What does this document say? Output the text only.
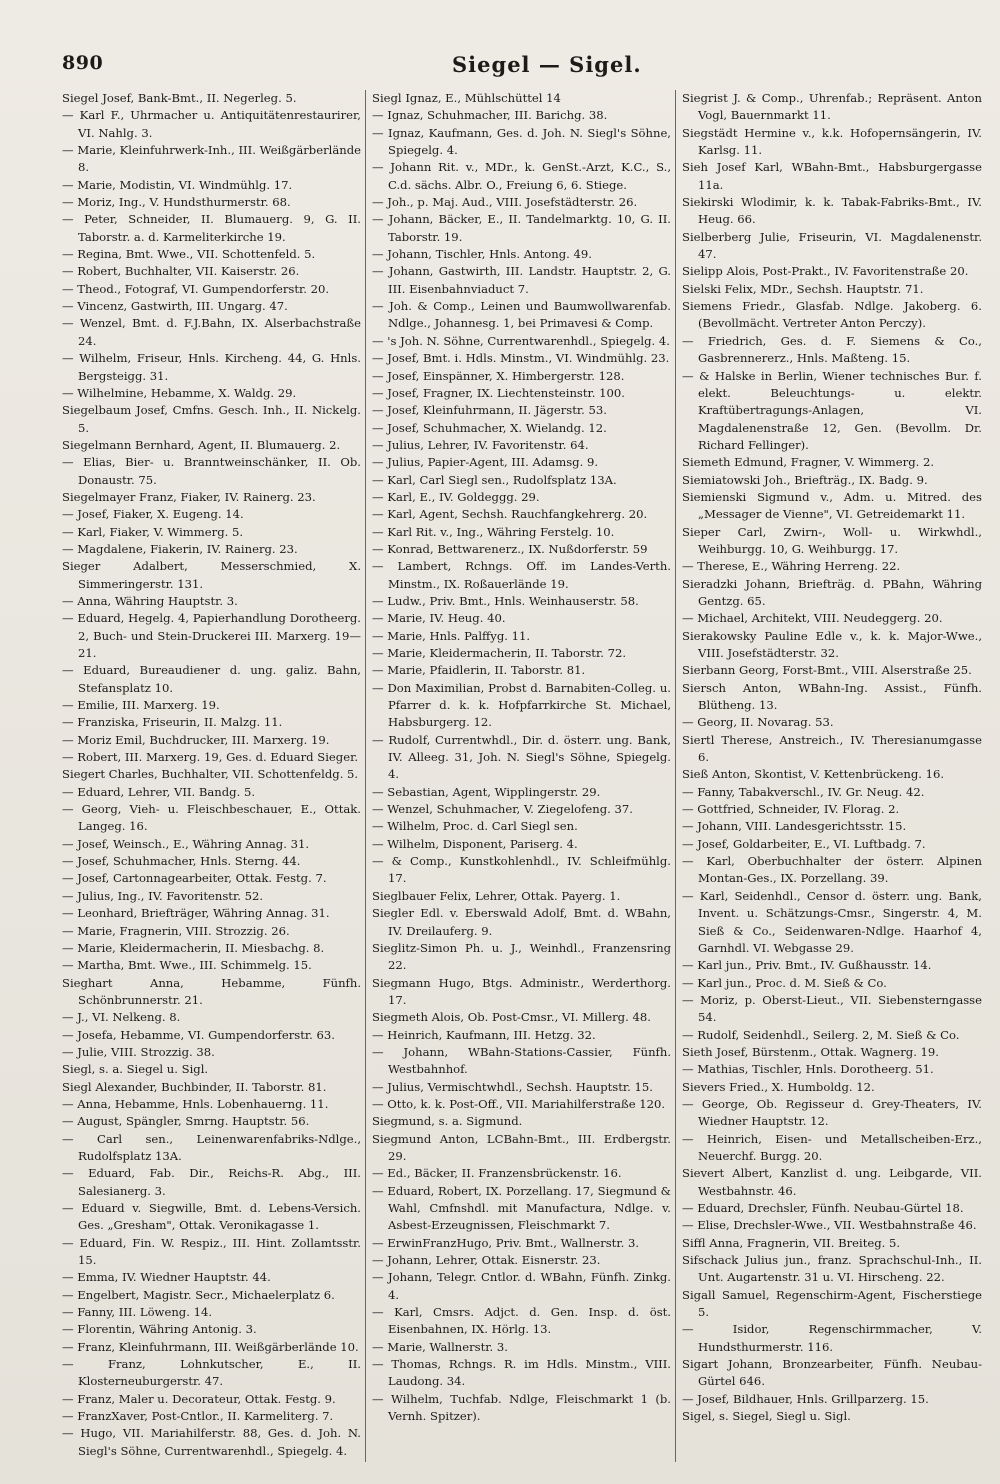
890	Siegel — Sigel.

Siegel Josef, Bank-Bmt., II. Negerleg. 5.

— Karl F., Uhrmacher u. Antiquitätenrestaurirer, VI. Nahlg. 3.

— Marie, Kleinfuhrwerk-Inh., III. Weißgärberlände 8.

— Marie, Modistin, VI. Windmühlg. 17.

— Moriz, Ing., V. Hundsthurmerstr. 68.

— Peter, Schneider, II. Blumauerg. 9, G. II. Taborstr. a. d. Karmeliterkirche 19.

— Regina, Bmt. Wwe., VII. Schottenfeld. 5.

— Robert, Buchhalter, VII. Kaiserstr. 26.

— Theod., Fotograf, VI. Gumpendorferstr. 20.

— Vincenz, Gastwirth, III. Ungarg. 47.

— Wenzel, Bmt. d. F.J.Bahn, IX. Alserbachstraße 24.

— Wilhelm, Friseur, Hnls. Kircheng. 44, G. Hnls. Bergsteigg. 31.

— Wilhelmine, Hebamme, X. Waldg. 29.

Siegelbaum Josef, Cmfns. Gesch. Inh., II. Nickelg. 5.

Siegelmann Bernhard, Agent, II. Blumauerg. 2.

— Elias, Bier- u. Branntweinschänker, II. Ob. Donaustr. 75.

Siegelmayer Franz, Fiaker, IV. Rainerg. 23.

— Josef, Fiaker, X. Eugeng. 14.

— Karl, Fiaker, V. Wimmerg. 5.

— Magdalene, Fiakerin, IV. Rainerg. 23.

Sieger Adalbert, Messerschmied, X. Simmeringerstr. 131.

— Anna, Währing Hauptstr. 3.

— Eduard, Hegelg. 4, Papierhandlung Dorotheerg. 2, Buch- und Stein-Druckerei III. Marxerg. 19—21.

— Eduard, Bureaudiener d. ung. galiz. Bahn, Stefansplatz 10.

— Emilie, III. Marxerg. 19.

— Franziska, Friseurin, II. Malzg. 11.

— Moriz Emil, Buchdrucker, III. Marxerg. 19.

— Robert, III. Marxerg. 19, Ges. d. Eduard Sieger.

Siegert Charles, Buchhalter, VII. Schottenfeldg. 5.

— Eduard, Lehrer, VII. Bandg. 5.

— Georg, Vieh- u. Fleischbeschauer, E., Ottak. Langeg. 16.

— Josef, Weinsch., E., Währing Annag. 31.

— Josef, Schuhmacher, Hnls. Sterng. 44.

— Josef, Cartonnagearbeiter, Ottak. Festg. 7.

— Julius, Ing., IV. Favoritenstr. 52.

— Leonhard, Briefträger, Währing Annag. 31.

— Marie, Fragnerin, VIII. Strozzig. 26.

— Marie, Kleidermacherin, II. Miesbachg. 8.

— Martha, Bmt. Wwe., III. Schimmelg. 15.

Sieghart Anna, Hebamme, Fünfh. Schönbrunnerstr. 21.

— J., VI. Nelkeng. 8.

— Josefa, Hebamme, VI. Gumpendorferstr. 63.

— Julie, VIII. Strozzig. 38.

Siegl, s. a. Siegel u. Sigl.

Siegl Alexander, Buchbinder, II. Taborstr. 81.

— Anna, Hebamme, Hnls. Lobenhauerng. 11.

— August, Spängler, Smrng. Hauptstr. 56.

— Carl sen., Leinenwarenfabriks-Ndlge., Rudolfsplatz 13A.

— Eduard, Fab. Dir., Reichs-R. Abg., III. Salesianerg. 3.

— Eduard v. Siegwille, Bmt. d. Lebens-Versich. Ges. „Gresham", Ottak. Veronikagasse 1.

— Eduard, Fin. W. Respiz., III. Hint. Zollamtsstr. 15.

— Emma, IV. Wiedner Hauptstr. 44.

— Engelbert, Magistr. Secr., Michaelerplatz 6.

— Fanny, III. Löweng. 14.

— Florentin, Währing Antonig. 3.

— Franz, Kleinfuhrmann, III. Weißgärberlände 10.

— Franz, Lohnkutscher, E., II. Klosterneuburgerstr. 47.

— Franz, Maler u. Decorateur, Ottak. Festg. 9.

— FranzXaver, Post-Cntlor., II. Karmeliterg. 7.

— Hugo, VII. Mariahilferstr. 88, Ges. d. Joh. N. Siegl's Söhne, Currentwarenhdl., Spiegelg. 4.

Siegl Ignaz, E., Mühlschüttel 14

— Ignaz, Schuhmacher, III. Barichg. 38.

— Ignaz, Kaufmann, Ges. d. Joh. N. Siegl's Söhne, Spiegelg. 4.

— Johann Rit. v., MDr., k. GenSt.-Arzt, K.C., S., C.d. sächs. Albr. O., Freiung 6, 6. Stiege.

— Joh., p. Maj. Aud., VIII. Josefstädterstr. 26.

— Johann, Bäcker, E., II. Tandelmarktg. 10, G. II. Taborstr. 19.

— Johann, Tischler, Hnls. Antong. 49.

— Johann, Gastwirth, III. Landstr. Hauptstr. 2, G. III. Eisenbahnviaduct 7.

— Joh. & Comp., Leinen und Baumwollwarenfab. Ndlge., Johannesg. 1, bei Primavesi & Comp.

— 's Joh. N. Söhne, Currentwarenhdl., Spiegelg. 4.

— Josef, Bmt. i. Hdls. Minstm., VI. Windmühlg. 23.

— Josef, Einspänner, X. Himbergerstr. 128.

— Josef, Fragner, IX. Liechtensteinstr. 100.

— Josef, Kleinfuhrmann, II. Jägerstr. 53.

— Josef, Schuhmacher, X. Wielandg. 12.

— Julius, Lehrer, IV. Favoritenstr. 64.

— Julius, Papier-Agent, III. Adamsg. 9.

— Karl, Carl Siegl sen., Rudolfsplatz 13A.

— Karl, E., IV. Goldeggg. 29.

— Karl, Agent, Sechsh. Rauchfangkehrerg. 20.

— Karl Rit. v., Ing., Währing Ferstelg. 10.

— Konrad, Bettwarenerz., IX. Nußdorferstr. 59

— Lambert, Rchngs. Off. im Landes-Verth. Minstm., IX. Roßauerlände 19.

— Ludw., Priv. Bmt., Hnls. Weinhauserstr. 58.

— Marie, IV. Heug. 40.

— Marie, Hnls. Palffyg. 11.

— Marie, Kleidermacherin, II. Taborstr. 72.

— Marie, Pfaidlerin, II. Taborstr. 81.

— Don Maximilian, Probst d. Barnabiten-Colleg. u. Pfarrer d. k. k. Hofpfarrkirche St. Michael, Habsburgerg. 12.

— Rudolf, Currentwhdl., Dir. d. österr. ung. Bank, IV. Alleeg. 31, Joh. N. Siegl's Söhne, Spiegelg. 4.

— Sebastian, Agent, Wipplingerstr. 29.

— Wenzel, Schuhmacher, V. Ziegelofeng. 37.

— Wilhelm, Proc. d. Carl Siegl sen.

— Wilhelm, Disponent, Pariserg. 4.

— & Comp., Kunstkohlenhdl., IV. Schleifmühlg. 17.

Sieglbauer Felix, Lehrer, Ottak. Payerg. 1.

Siegler Edl. v. Eberswald Adolf, Bmt. d. WBahn, IV. Dreilauferg. 9.

Sieglitz-Simon Ph. u. J., Weinhdl., Franzensring 22.

Siegmann Hugo, Btgs. Administr., Werderthorg. 17.

Siegmeth Alois, Ob. Post-Cmsr., VI. Millerg. 48.

— Heinrich, Kaufmann, III. Hetzg. 32.

— Johann, WBahn-Stations-Cassier, Fünfh. Westbahnhof.

— Julius, Vermischtwhdl., Sechsh. Hauptstr. 15.

— Otto, k. k. Post-Off., VII. Mariahilferstraße 120.

Siegmund, s. a. Sigmund.

Siegmund Anton, LCBahn-Bmt., III. Erdbergstr. 29.

— Ed., Bäcker, II. Franzensbrückenstr. 16.

— Eduard, Robert, IX. Porzellang. 17, Siegmund & Wahl, Cmfnshdl. mit Manufactura, Ndlge. v. Asbest-Erzeugnissen, Fleischmarkt 7.

— ErwinFranzHugo, Priv. Bmt., Wallnerstr. 3.

— Johann, Lehrer, Ottak. Eisnerstr. 23.

— Johann, Telegr. Cntlor. d. WBahn, Fünfh. Zinkg. 4.

— Karl, Cmsrs. Adjct. d. Gen. Insp. d. öst. Eisenbahnen, IX. Hörlg. 13.

— Marie, Wallnerstr. 3.

— Thomas, Rchngs. R. im Hdls. Minstm., VIII. Laudong. 34.

— Wilhelm, Tuchfab. Ndlge, Fleischmarkt 1 (b. Vernh. Spitzer).

Siegrist J. & Comp., Uhrenfab.; Repräsent. Anton Vogl, Bauernmarkt 11.

Siegstädt Hermine v., k.k. Hofopernsängerin, IV. Karlsg. 11.

Sieh Josef Karl, WBahn-Bmt., Habsburgergasse 11a.

Siekirski Wlodimir, k. k. Tabak-Fabriks-Bmt., IV. Heug. 66.

Sielberberg Julie, Friseurin, VI. Magdalenenstr. 47.

Sielipp Alois, Post-Prakt., IV. Favoritenstraße 20.

Sielski Felix, MDr., Sechsh. Hauptstr. 71.

Siemens Friedr., Glasfab. Ndlge. Jakoberg. 6. (Bevollmächt. Vertreter Anton Perczy).

— Friedrich, Ges. d. F. Siemens & Co., Gasbrennererz., Hnls. Maßteng. 15.

— & Halske in Berlin, Wiener technisches Bur. f. elekt. Beleuchtungs- u. elektr. Kraftübertragungs-Anlagen, VI. Magdalenenstraße 12, Gen. (Bevollm. Dr. Richard Fellinger).

Siemeth Edmund, Fragner, V. Wimmerg. 2.

Siemiatowski Joh., Briefträg., IX. Badg. 9.

Siemienski Sigmund v., Adm. u. Mitred. des „Messager de Vienne", VI. Getreidemarkt 11.

Sieper Carl, Zwirn-, Woll- u. Wirkwhdl., Weihburgg. 10, G. Weihburgg. 17.

— Therese, E., Währing Herreng. 22.

Sieradzki Johann, Briefträg. d. PBahn, Währing Gentzg. 65.

— Michael, Architekt, VIII. Neudeggerg. 20.

Sierakowsky Pauline Edle v., k. k. Major-Wwe., VIII. Josefstädterstr. 32.

Sierbann Georg, Forst-Bmt., VIII. Alserstraße 25.

Siersch Anton, WBahn-Ing. Assist., Fünfh. Blütheng. 13.

— Georg, II. Novarag. 53.

Siertl Therese, Anstreich., IV. Theresianumgasse 6.

Sieß Anton, Skontist, V. Kettenbrückeng. 16.

— Fanny, Tabakverschl., IV. Gr. Neug. 42.

— Gottfried, Schneider, IV. Florag. 2.

— Johann, VIII. Landesgerichtsstr. 15.

— Josef, Goldarbeiter, E., VI. Luftbadg. 7.

— Karl, Oberbuchhalter der österr. Alpinen Montan-Ges., IX. Porzellang. 39.

— Karl, Seidenhdl., Censor d. österr. ung. Bank, Invent. u. Schätzungs-Cmsr., Singerstr. 4, M. Sieß & Co., Seidenwaren-Ndlge. Haarhof 4, Garnhdl. VI. Webgasse 29.

— Karl jun., Priv. Bmt., IV. Gußhausstr. 14.

— Karl jun., Proc. d. M. Sieß & Co.

— Moriz, p. Oberst-Lieut., VII. Siebensterngasse 54.

— Rudolf, Seidenhdl., Seilerg. 2, M. Sieß & Co.

Sieth Josef, Bürstenm., Ottak. Wagnerg. 19.

— Mathias, Tischler, Hnls. Dorotheerg. 51.

Sievers Fried., X. Humboldg. 12.

— George, Ob. Regisseur d. Grey-Theaters, IV. Wiedner Hauptstr. 12.

— Heinrich, Eisen- und Metallscheiben-Erz., Neuerchf. Burgg. 20.

Sievert Albert, Kanzlist d. ung. Leibgarde, VII. Westbahnstr. 46.

— Eduard, Drechsler, Fünfh. Neubau-Gürtel 18.

— Elise, Drechsler-Wwe., VII. Westbahnstraße 46.

Siffl Anna, Fragnerin, VII. Breiteg. 5.

Sifschack Julius jun., franz. Sprachschul-Inh., II. Unt. Augartenstr. 31 u. VI. Hirscheng. 22.

Sigall Samuel, Regenschirm-Agent, Fischerstiege 5.

— Isidor, Regenschirmmacher, V. Hundsthurmerstr. 116.

Sigart Johann, Bronzearbeiter, Fünfh. Neubau-Gürtel 646.

— Josef, Bildhauer, Hnls. Grillparzerg. 15.

Sigel, s. Siegel, Siegl u. Sigl.
